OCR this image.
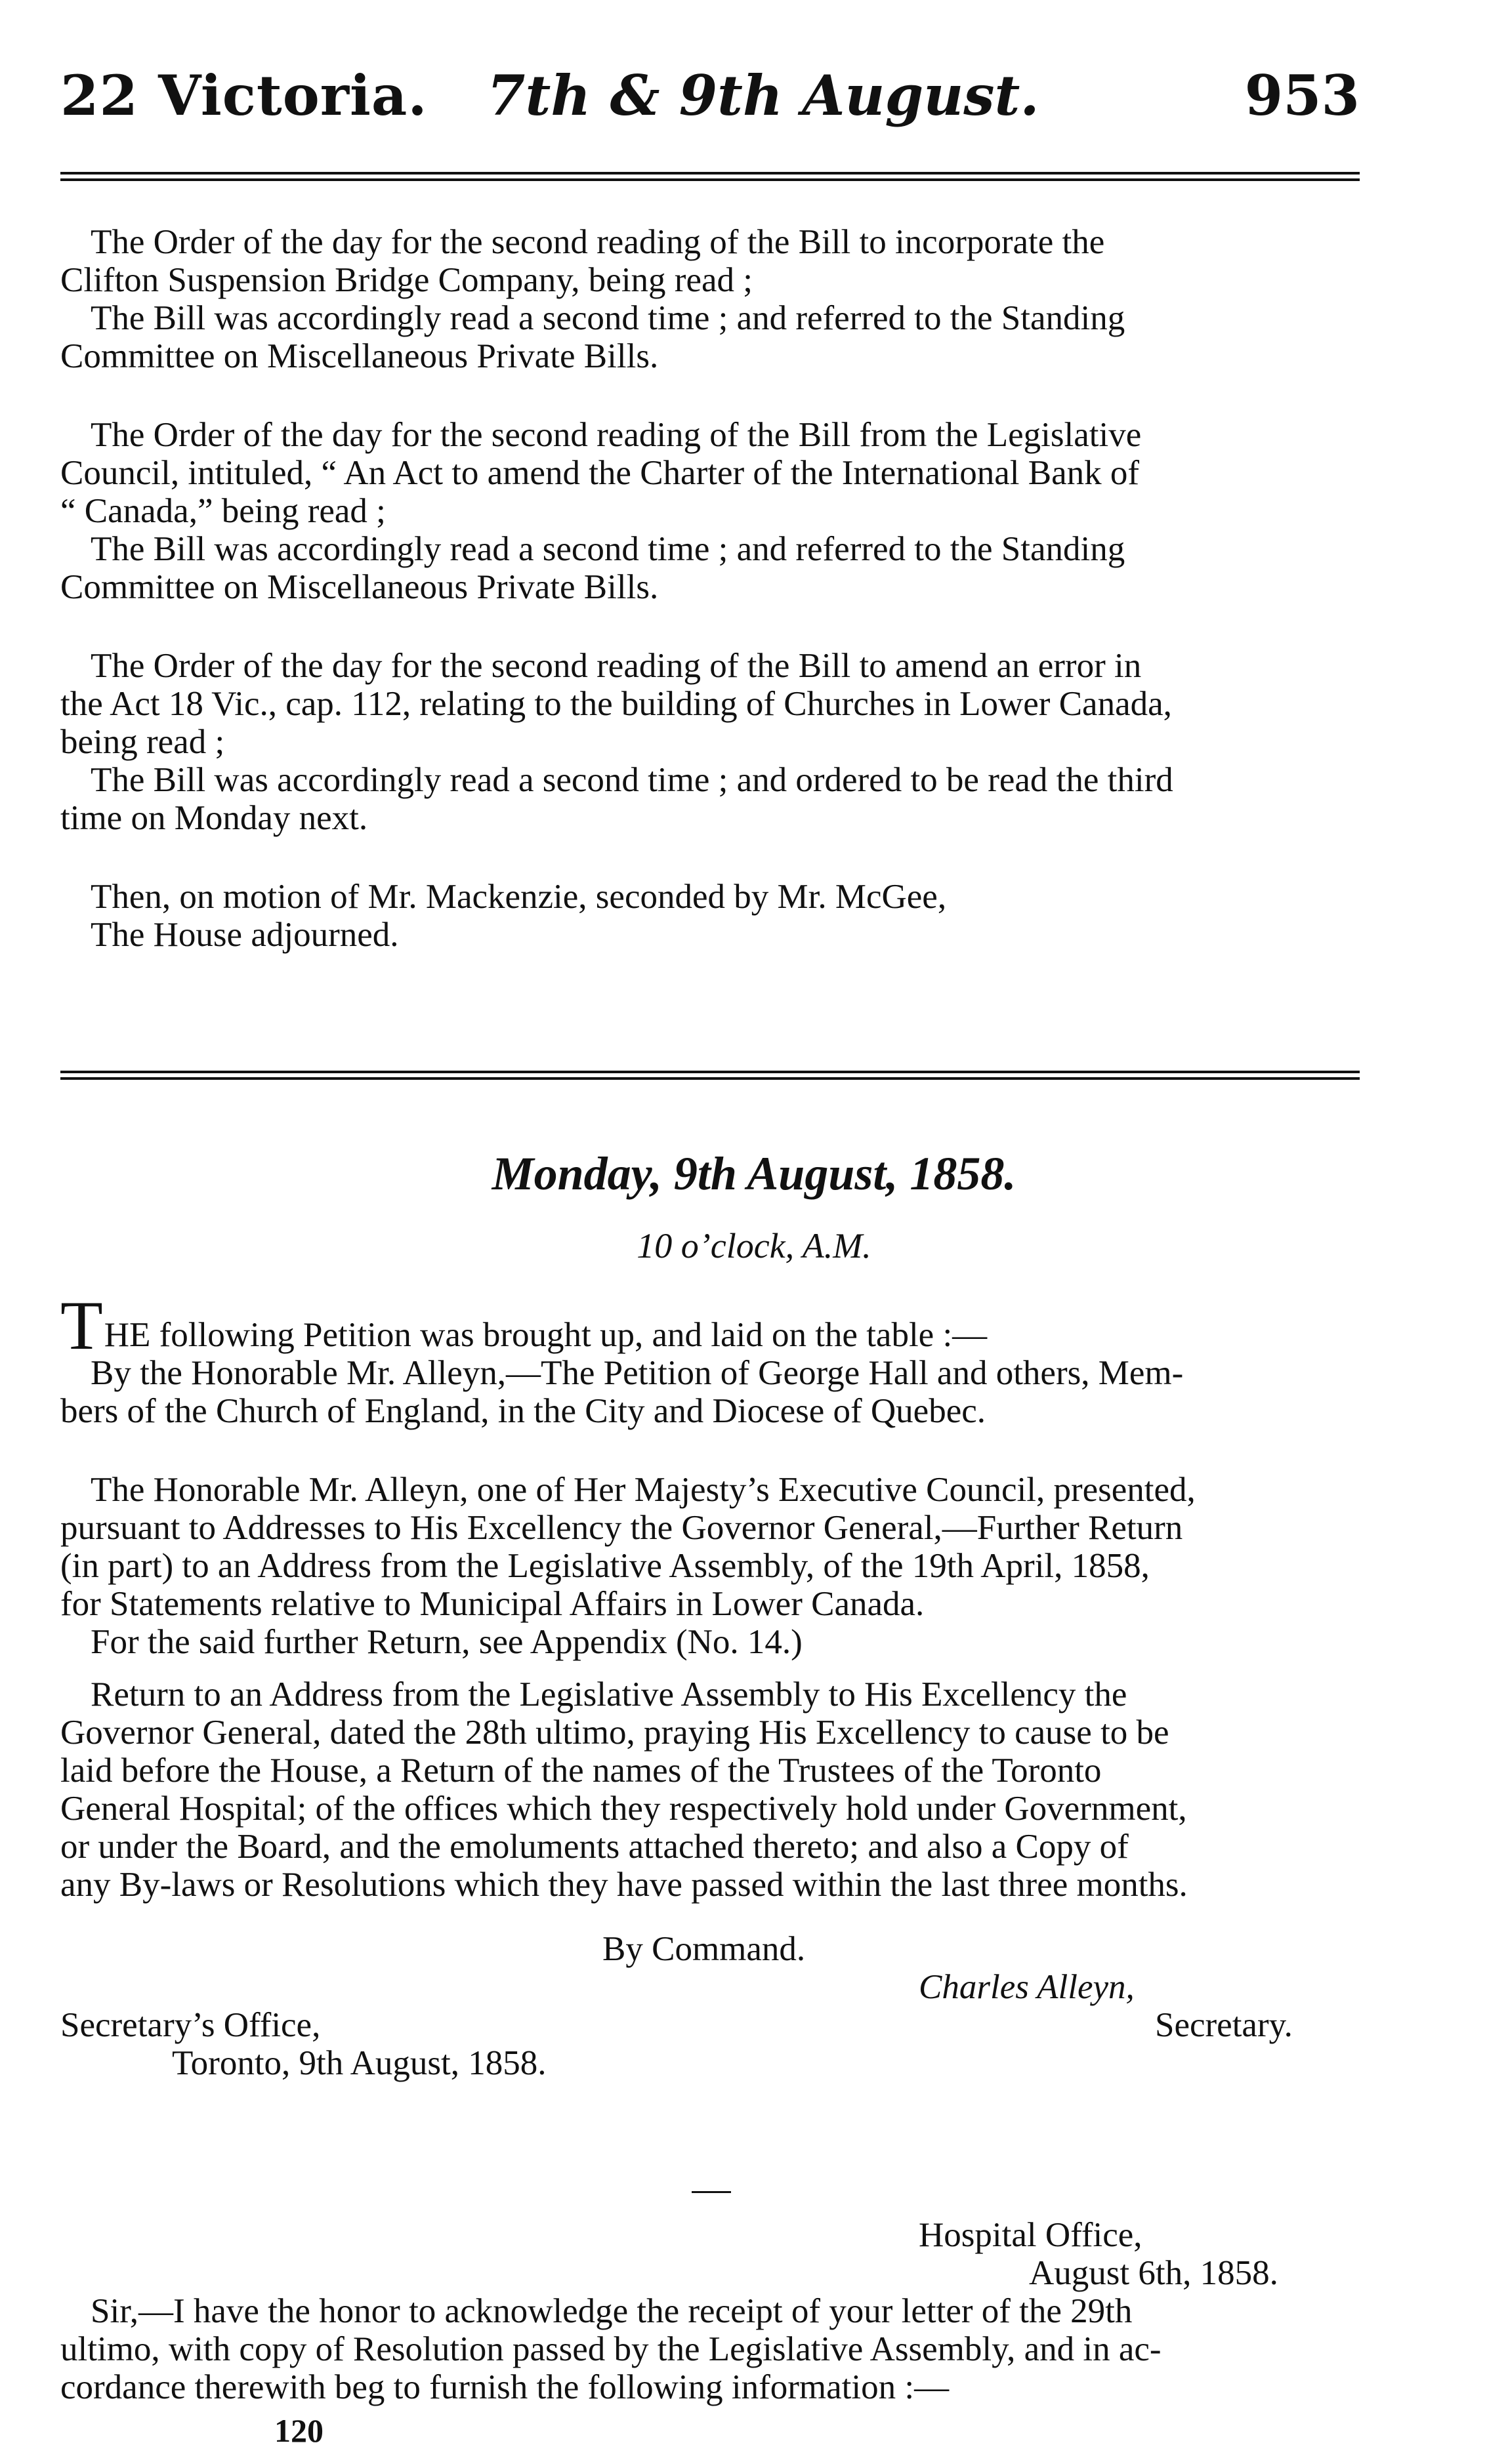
22 Victoria. 7th & 9th August.	953
The Order of the day for the second reading of the Bill to incorporate the
Clifton Suspension Bridge Company, being read ;
The Bill was accordingly read a second time ; and referred to the Standing
Committee on Miscellaneous Private Bills.
The Order of the day for the second reading of the Bill from the Legislative
Council, intituled, “ An Act to amend the Charter of the International Bank of
“ Canada,” being read ;
The Bill was accordingly read a second time ; and referred to the Standing
Committee on Miscellaneous Private Bills.
The Order of the day for the second reading of the Bill to amend an error in
the Act 18 Vic., cap. 112, relating to the building of Churches in Lower Canada,
being read ;
The Bill was accordingly read a second time ; and ordered to be read the third
time on Monday next.
Then, on motion of Mr. Mackenzie, seconded by Mr. McGee,
The House adjourned.
Monday, 9th August, 1858.
10 o’clock, A.M.
THE following Petition was brought up, and laid on the table :—
By the Honorable Mr. Alleyn,—The Petition of George Hall and others, Mem-
bers of the Church of England, in the City and Diocese of Quebec.
The Honorable Mr. Alleyn, one of Her Majesty’s Executive Council, presented,
pursuant to Addresses to His Excellency the Governor General,—Further Return
(in part) to an Address from the Legislative Assembly, of the 19th April, 1858,
for Statements relative to Municipal Affairs in Lower Canada.
For the said further Return, see Appendix (No. 14.)
Return to an Address from the Legislative Assembly to His Excellency the
Governor General, dated the 28th ultimo, praying His Excellency to cause to be
laid before the House, a Return of the names of the Trustees of the Toronto
General Hospital; of the offices which they respectively hold under Government,
or under the Board, and the emoluments attached thereto; and also a Copy of
any By-laws or Resolutions which they have passed within the last three months.
By Command.
Charles Alleyn,
Secretary’s Office,	Secretary.
Toronto, 9th August, 1858.
Hospital Office,
August 6th, 1858.
Sir,—I have the honor to acknowledge the receipt of your letter of the 29th
ultimo, with copy of Resolution passed by the Legislative Assembly, and in ac-
cordance therewith beg to furnish the following information :—
120
